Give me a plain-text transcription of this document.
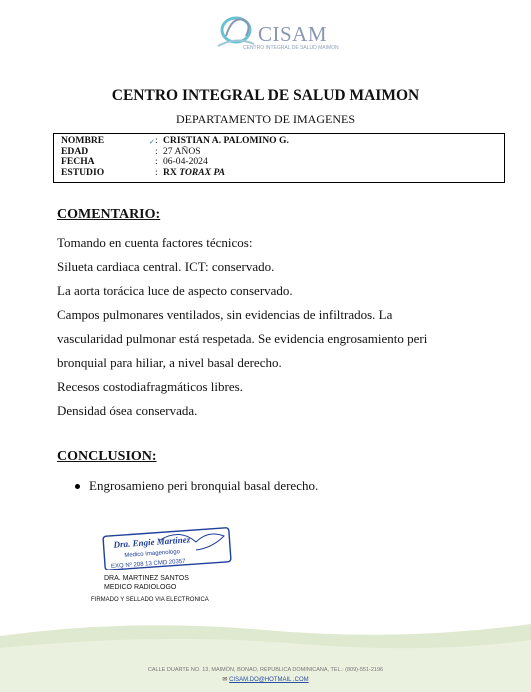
CISAM
CENTRO INTEGRAL DE SALUD MAIMON
CENTRO INTEGRAL DE SALUD MAIMON
DEPARTAMENTO DE IMAGENES
NOMBRE	✓ : CRISTIAN A. PALOMINO G.
EDAD	: 27 AÑOS
FECHA	: 06-04-2024
ESTUDIO	: RX TORAX PA
COMENTARIO:
Tomando en cuenta factores técnicos:
Silueta cardiaca central. ICT: conservado.
La aorta torácica luce de aspecto conservado.
Campos pulmonares ventilados, sin evidencias de infiltrados. La
vascularidad pulmonar está respetada. Se evidencia engrosamiento peri
bronquial para hiliar, a nivel basal derecho.
Recesos costodiafragmáticos libres.
Densidad ósea conservada.
CONCLUSION:
Engrosamieno peri bronquial basal derecho.
Dra. Engie Martinez
Medico Imagenologo
EXQ Nº 208 13 CMD 20357
DRA. MARTINEZ SANTOS
MEDICO RADIOLOGO
FIRMADO Y SELLADO VIA ELECTRONICA
CALLE DUARTE NO. 13, MAIMÓN, BONAO, REPUBLICA DOMINICANA, TEL.: (809)-551-2196
✉ CISAM.DO@HOTMAIL .COM
